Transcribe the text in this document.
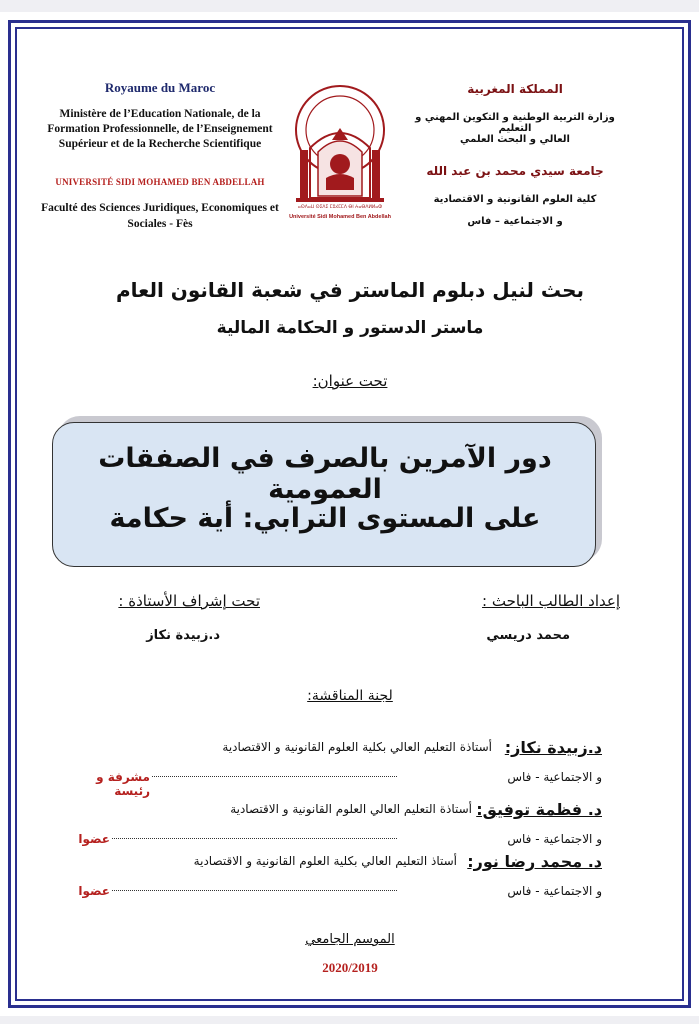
Royaume du Maroc
Ministère de l’Education Nationale, de la Formation Professionnelle, de l’Enseignement Supérieur et de la Recherche Scientifique
UNIVERSITÉ SIDI MOHAMED BEN ABDELLAH
Faculté des Sciences Juridiques, Economiques et Sociales - Fès
ⴰⵙⴷⴰⵡ ⵙⵉⴷⵉ ⵎⵓⵃⵎⵎⴷ ⴱⵏ ⵄⴰⴱⴷⵍⵍⴰⵀ
Université Sidi Mohamed Ben Abdellah
المملكة المغربية
وزارة التربية الوطنية و التكوين المهني و التعليم
العالي و البحث العلمي
جامعة سيدي محمد بن عبد الله
كلية العلوم القانونية و الاقتصادية
و الاجتماعية – فاس
بحث لنيل دبلوم الماستر في شعبة القانون العام
ماستر الدستور و الحكامة المالية
تحت عنوان:
دور الآمرين بالصرف في الصفقات العمومية
على المستوى الترابي: أية حكامة
إعداد الطالب الباحث :
محمد دريسي
تحت إشراف الأستاذة :
د.زبيدة نكاز
لجنة المناقشة:
د.زبيدة نكاز:
أستاذة التعليم العالي بكلية العلوم القانونية و الاقتصادية
و الاجتماعية - فاس
مشرفة و رئيسة
د. فظمة توفيق:
أستاذة التعليم العالي العلوم القانونية و الاقتصادية
و الاجتماعية - فاس
عضوا
د. محمد رضا نور:
أستاذ التعليم العالي بكلية العلوم القانونية و الاقتصادية
و الاجتماعية - فاس
عضوا
الموسم الجامعي
2020/2019
